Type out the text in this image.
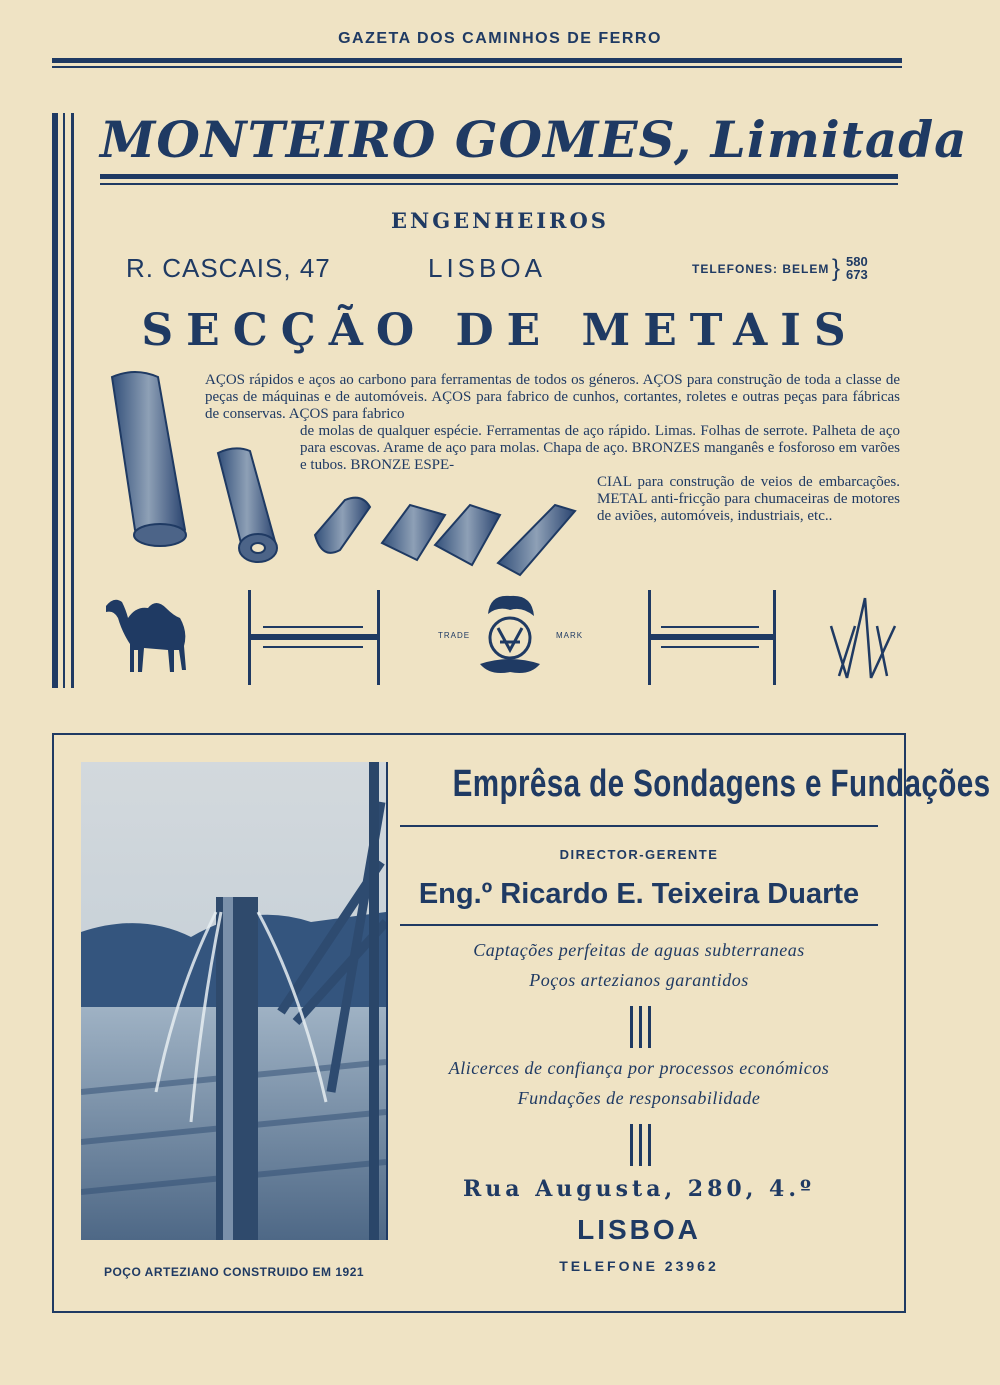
GAZETA DOS CAMINHOS DE FERRO
MONTEIRO GOMES, Limitada
ENGENHEIROS
R. CASCAIS, 47	LISBOA	TELEFONES: BELEM } 580
673
SECÇÃO DE METAIS

AÇOS rápidos e aços ao carbono para ferramentas de todos os géneros. AÇOS para construção de toda a classe de peças de máquinas e de automóveis. AÇOS para fabrico de cunhos, cortantes, roletes e outras peças para fábricas de conservas. AÇOS para fabrico

de molas de qualquer espécie. Ferramentas de aço rápido. Limas. Folhas de serrote. Palheta de aço para escovas. Arame de aço para molas. Chapa de aço. BRONZES manganês e fosforoso em varões e tubos. BRONZE ESPE-

CIAL para construção de veios de embarcações. METAL anti-fricção para chumaceiras de motores de aviões, automóveis, industriais, etc..

TRADE	MARK
POÇO ARTEZIANO CONSTRUIDO EM 1921
Emprêsa de Sondagens e Fundações
DIRECTOR-GERENTE
Eng.º Ricardo E. Teixeira Duarte
Captações perfeitas de aguas subterraneas
Poços artezianos garantidos
Alicerces de confiança por processos económicos
Fundações de responsabilidade
Rua Augusta, 280, 4.º
LISBOA
TELEFONE 23962
